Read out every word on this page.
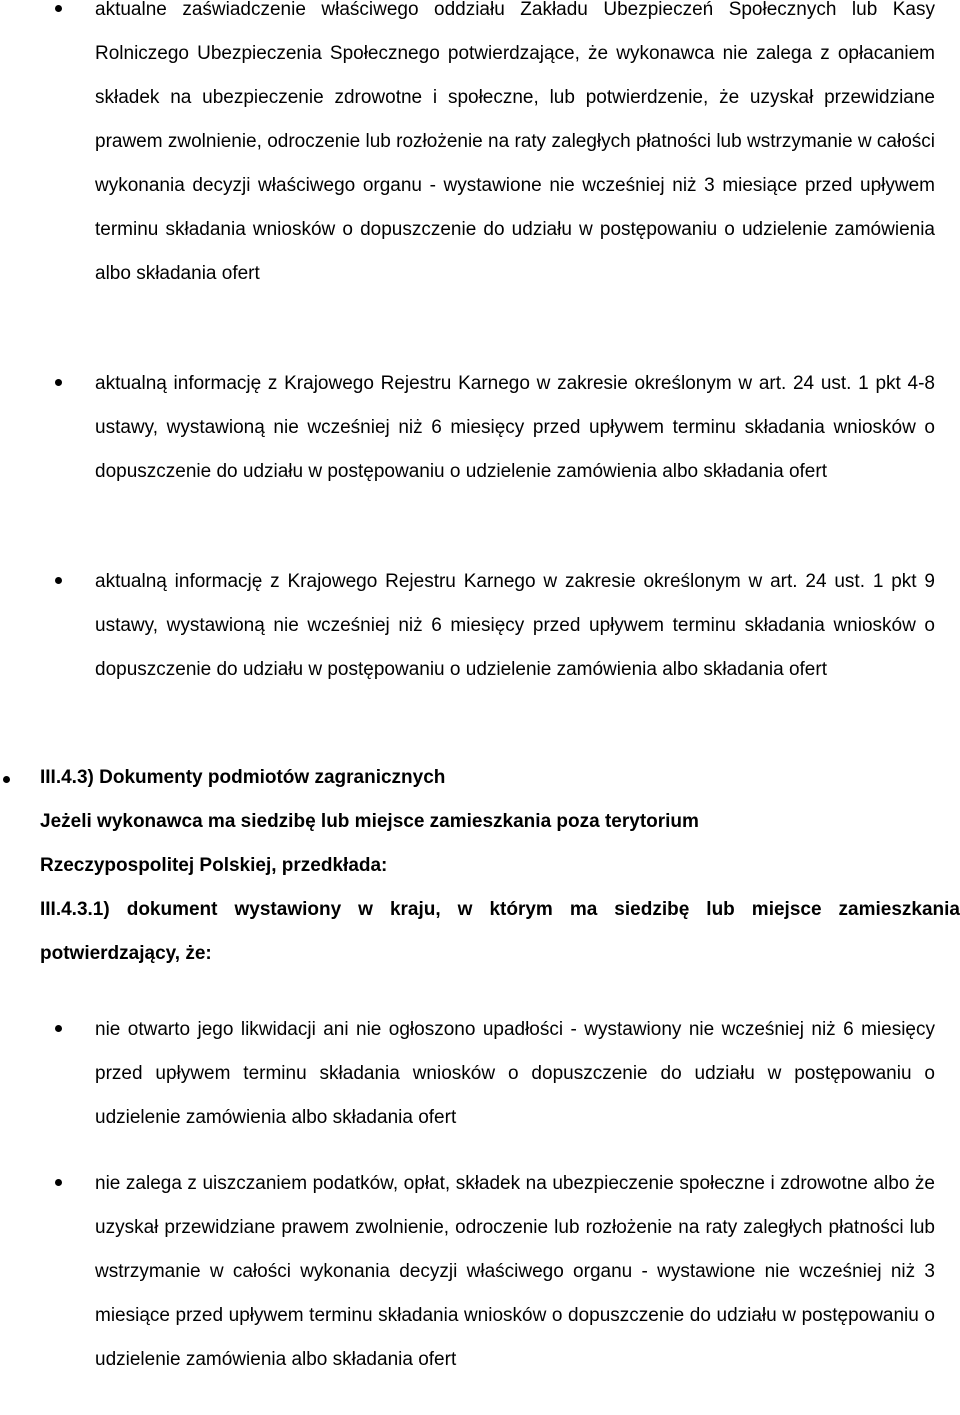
aktualne zaświadczenie właściwego oddziału Zakładu Ubezpieczeń Społecznych lub Kasy Rolniczego Ubezpieczenia Społecznego potwierdzające, że wykonawca nie zalega z opłacaniem składek na ubezpieczenie zdrowotne i społeczne, lub potwierdzenie, że uzyskał przewidziane prawem zwolnienie, odroczenie lub rozłożenie na raty zaległych płatności lub wstrzymanie w całości wykonania decyzji właściwego organu - wystawione nie wcześniej niż 3 miesiące przed upływem terminu składania wniosków o dopuszczenie do udziału w postępowaniu o udzielenie zamówienia albo składania ofert
aktualną informację z Krajowego Rejestru Karnego w zakresie określonym w art. 24 ust. 1 pkt 4-8 ustawy, wystawioną nie wcześniej niż 6 miesięcy przed upływem terminu składania wniosków o dopuszczenie do udziału w postępowaniu o udzielenie zamówienia albo składania ofert
aktualną informację z Krajowego Rejestru Karnego w zakresie określonym w art. 24 ust. 1 pkt 9 ustawy, wystawioną nie wcześniej niż 6 miesięcy przed upływem terminu składania wniosków o dopuszczenie do udziału w postępowaniu o udzielenie zamówienia albo składania ofert
III.4.3) Dokumenty podmiotów zagranicznych
Jeżeli wykonawca ma siedzibę lub miejsce zamieszkania poza terytorium Rzeczypospolitej Polskiej, przedkłada:
III.4.3.1) dokument wystawiony w kraju, w którym ma siedzibę lub miejsce zamieszkania potwierdzający, że:
nie otwarto jego likwidacji ani nie ogłoszono upadłości - wystawiony nie wcześniej niż 6 miesięcy przed upływem terminu składania wniosków o dopuszczenie do udziału w postępowaniu o udzielenie zamówienia albo składania ofert
nie zalega z uiszczaniem podatków, opłat, składek na ubezpieczenie społeczne i zdrowotne albo że uzyskał przewidziane prawem zwolnienie, odroczenie lub rozłożenie na raty zaległych płatności lub wstrzymanie w całości wykonania decyzji właściwego organu - wystawione nie wcześniej niż 3 miesiące przed upływem terminu składania wniosków o dopuszczenie do udziału w postępowaniu o udzielenie zamówienia albo składania ofert
